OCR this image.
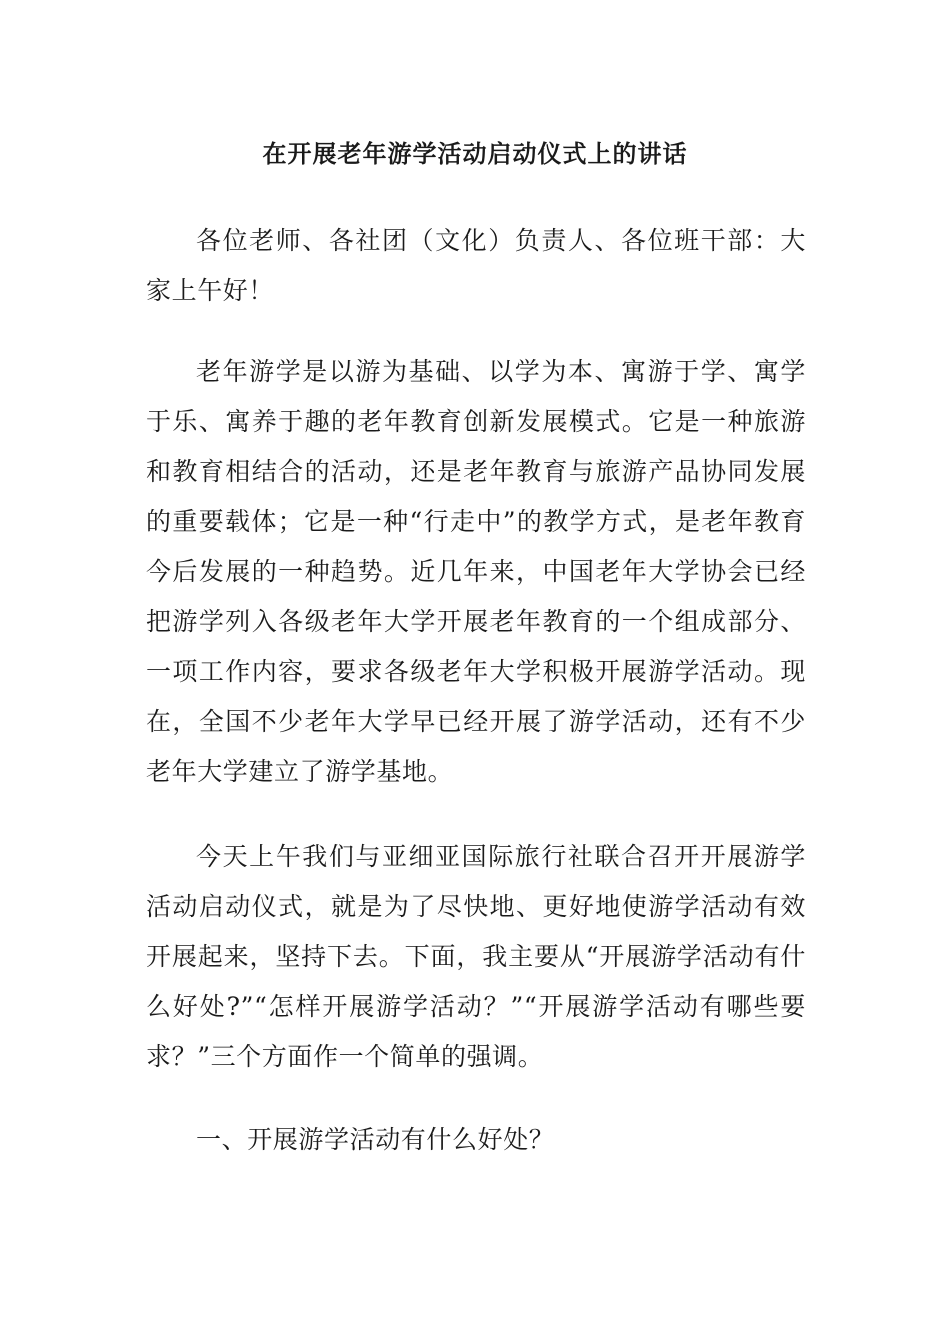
在开展老年游学活动启动仪式上的讲话

各位老师、各社团（文化）负责人、各位班干部：大家上午好！

老年游学是以游为基础、以学为本、寓游于学、寓学于乐、寓养于趣的老年教育创新发展模式。它是一种旅游和教育相结合的活动，还是老年教育与旅游产品协同发展的重要载体；它是一种“行走中”的教学方式，是老年教育今后发展的一种趋势。近几年来，中国老年大学协会已经把游学列入各级老年大学开展老年教育的一个组成部分、一项工作内容，要求各级老年大学积极开展游学活动。现在，全国不少老年大学早已经开展了游学活动，还有不少老年大学建立了游学基地。

今天上午我们与亚细亚国际旅行社联合召开开展游学活动启动仪式，就是为了尽快地、更好地使游学活动有效开展起来，坚持下去。下面，我主要从“开展游学活动有什么好处?”“怎样开展游学活动？”“开展游学活动有哪些要求？”三个方面作一个简单的强调。

一、开展游学活动有什么好处？
